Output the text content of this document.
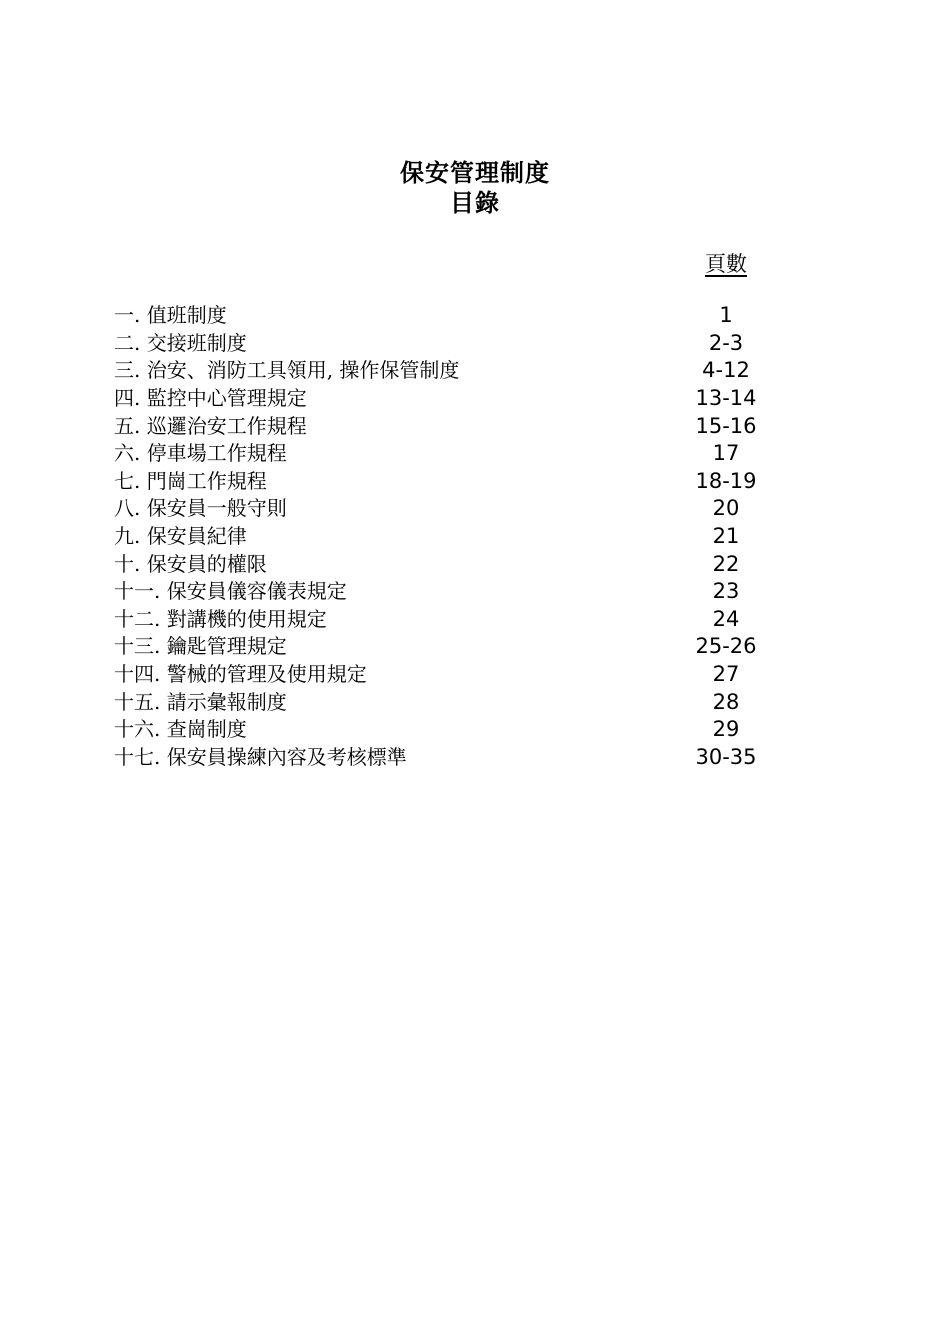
保安管理制度
目錄
頁數
一. 值班制度	1
二. 交接班制度	2-3
三. 治安、消防工具領用, 操作保管制度	4-12
四. 監控中心管理規定	13-14
五. 巡邏治安工作規程	15-16
六. 停車場工作規程	17
七. 門崗工作規程	18-19
八. 保安員一般守則	20
九. 保安員紀律	21
十. 保安員的權限	22
十一. 保安員儀容儀表規定	23
十二. 對講機的使用規定	24
十三. 鑰匙管理規定	25-26
十四. 警械的管理及使用規定	27
十五. 請示彙報制度	28
十六. 查崗制度	29
十七. 保安員操練內容及考核標準	30-35
